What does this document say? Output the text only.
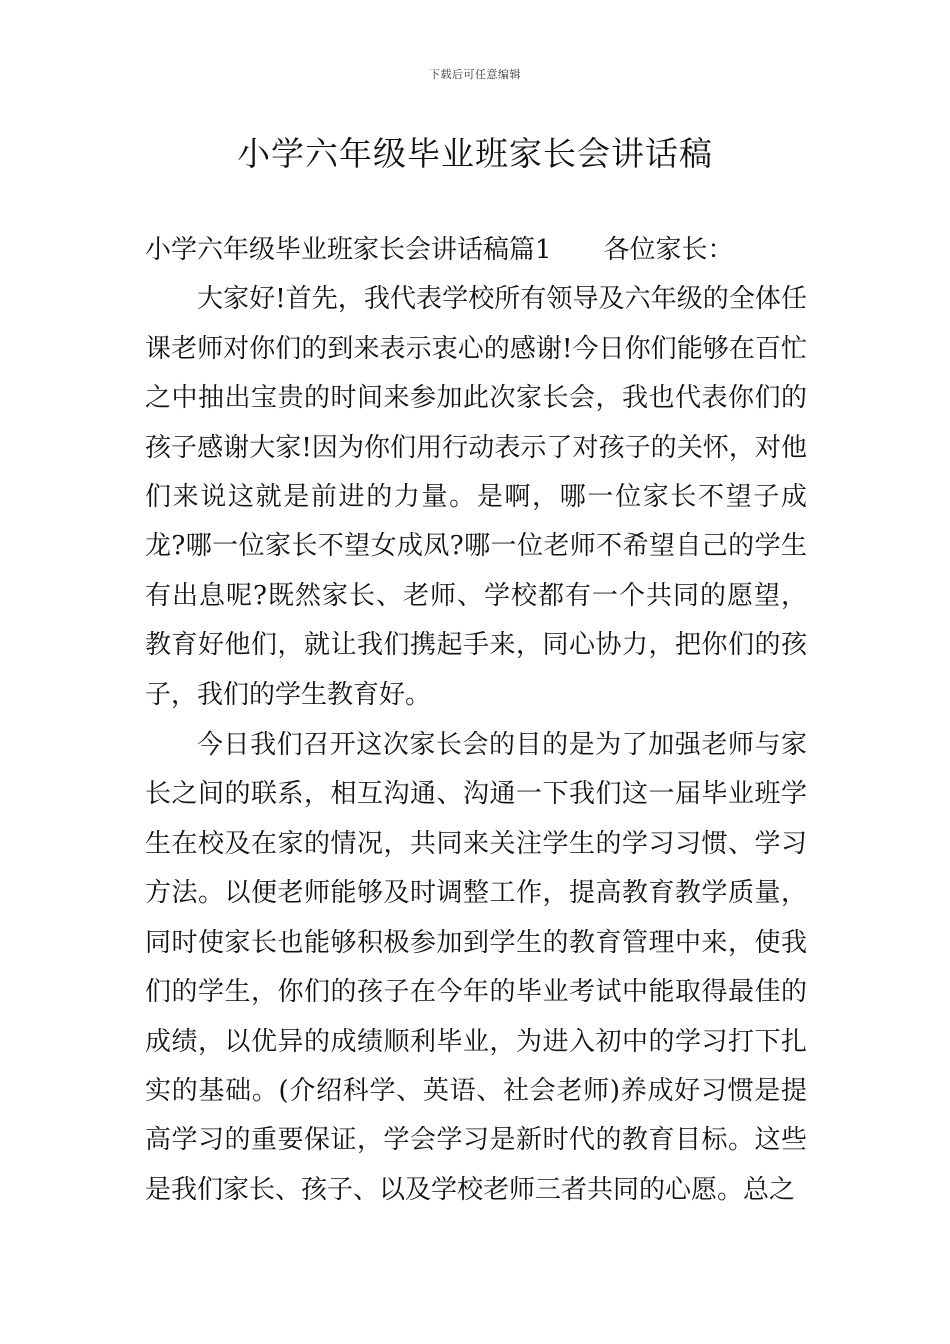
下载后可任意编辑
小学六年级毕业班家长会讲话稿

小学六年级毕业班家长会讲话稿篇1 各位家长：

大家好!首先，我代表学校所有领导及六年级的全体任课老师对你们的到来表示衷心的感谢!今日你们能够在百忙之中抽出宝贵的时间来参加此次家长会，我也代表你们的孩子感谢大家!因为你们用行动表示了对孩子的关怀，对他们来说这就是前进的力量。是啊，哪一位家长不望子成龙?哪一位家长不望女成凤?哪一位老师不希望自己的学生有出息呢?既然家长、老师、学校都有一个共同的愿望，教育好他们，就让我们携起手来，同心协力，把你们的孩子，我们的学生教育好。

今日我们召开这次家长会的目的是为了加强老师与家长之间的联系，相互沟通、沟通一下我们这一届毕业班学生在校及在家的情况，共同来关注学生的学习习惯、学习方法。以便老师能够及时调整工作，提高教育教学质量，同时使家长也能够积极参加到学生的教育管理中来，使我们的学生，你们的孩子在今年的毕业考试中能取得最佳的成绩，以优异的成绩顺利毕业，为进入初中的学习打下扎实的基础。(介绍科学、英语、社会老师)养成好习惯是提高学习的重要保证，学会学习是新时代的教育目标。这些是我们家长、孩子、以及学校老师三者共同的心愿。总之
